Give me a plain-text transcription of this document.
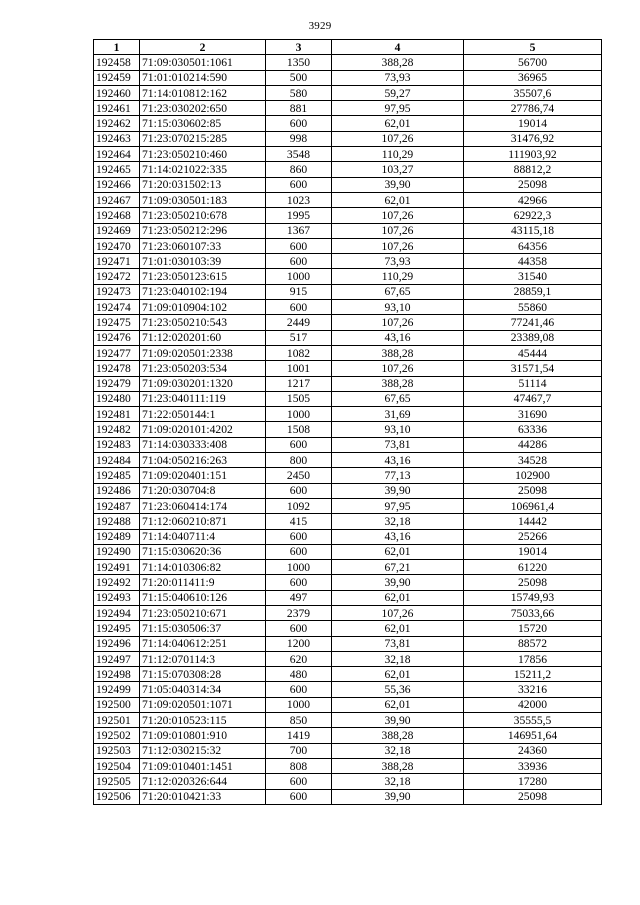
3929
1	2	3	4	5
192458	71:09:030501:1061	1350	388,28	56700
192459	71:01:010214:590	500	73,93	36965
192460	71:14:010812:162	580	59,27	35507,6
192461	71:23:030202:650	881	97,95	27786,74
192462	71:15:030602:85	600	62,01	19014
192463	71:23:070215:285	998	107,26	31476,92
192464	71:23:050210:460	3548	110,29	111903,92
192465	71:14:021022:335	860	103,27	88812,2
192466	71:20:031502:13	600	39,90	25098
192467	71:09:030501:183	1023	62,01	42966
192468	71:23:050210:678	1995	107,26	62922,3
192469	71:23:050212:296	1367	107,26	43115,18
192470	71:23:060107:33	600	107,26	64356
192471	71:01:030103:39	600	73,93	44358
192472	71:23:050123:615	1000	110,29	31540
192473	71:23:040102:194	915	67,65	28859,1
192474	71:09:010904:102	600	93,10	55860
192475	71:23:050210:543	2449	107,26	77241,46
192476	71:12:020201:60	517	43,16	23389,08
192477	71:09:020501:2338	1082	388,28	45444
192478	71:23:050203:534	1001	107,26	31571,54
192479	71:09:030201:1320	1217	388,28	51114
192480	71:23:040111:119	1505	67,65	47467,7
192481	71:22:050144:1	1000	31,69	31690
192482	71:09:020101:4202	1508	93,10	63336
192483	71:14:030333:408	600	73,81	44286
192484	71:04:050216:263	800	43,16	34528
192485	71:09:020401:151	2450	77,13	102900
192486	71:20:030704:8	600	39,90	25098
192487	71:23:060414:174	1092	97,95	106961,4
192488	71:12:060210:871	415	32,18	14442
192489	71:14:040711:4	600	43,16	25266
192490	71:15:030620:36	600	62,01	19014
192491	71:14:010306:82	1000	67,21	61220
192492	71:20:011411:9	600	39,90	25098
192493	71:15:040610:126	497	62,01	15749,93
192494	71:23:050210:671	2379	107,26	75033,66
192495	71:15:030506:37	600	62,01	15720
192496	71:14:040612:251	1200	73,81	88572
192497	71:12:070114:3	620	32,18	17856
192498	71:15:070308:28	480	62,01	15211,2
192499	71:05:040314:34	600	55,36	33216
192500	71:09:020501:1071	1000	62,01	42000
192501	71:20:010523:115	850	39,90	35555,5
192502	71:09:010801:910	1419	388,28	146951,64
192503	71:12:030215:32	700	32,18	24360
192504	71:09:010401:1451	808	388,28	33936
192505	71:12:020326:644	600	32,18	17280
192506	71:20:010421:33	600	39,90	25098
